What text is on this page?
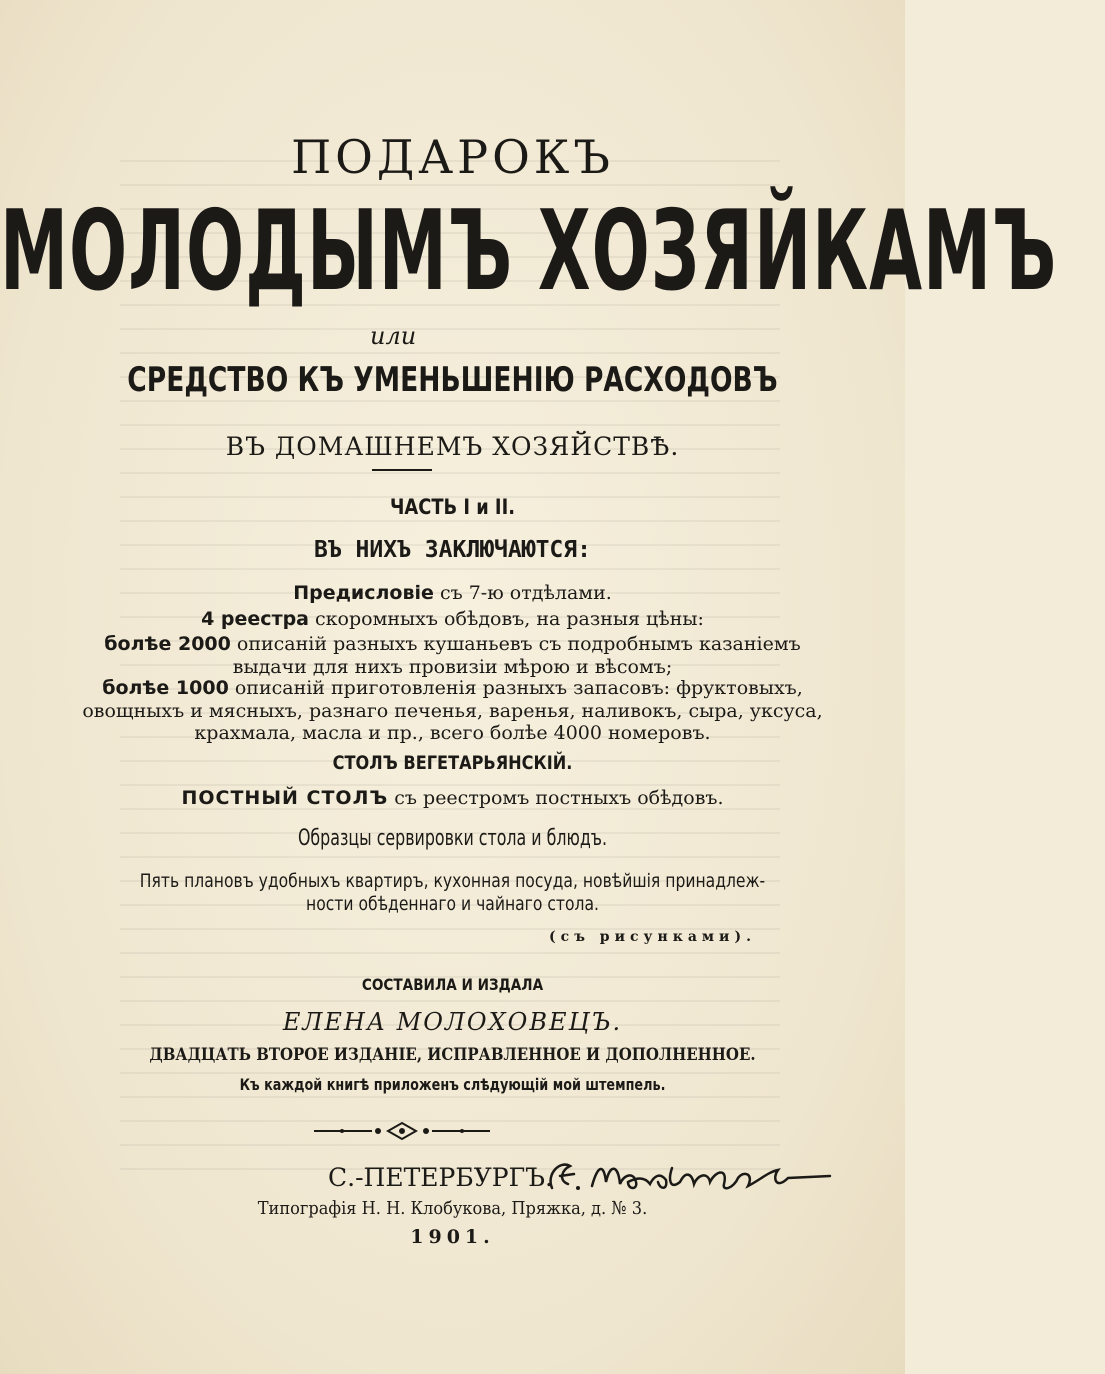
ПОДАРОКЪ
МОЛОДЫМЪ ХОЗЯЙКАМЪ
или
СРЕДСТВО КЪ УМЕНЬШЕНІЮ РАСХОДОВЪ
ВЪ ДОМАШНЕМЪ ХОЗЯЙСТВѢ.
ЧАСТЬ I и II.
ВЪ НИХЪ ЗАКЛЮЧАЮТСЯ:
Предисловіе съ 7-ю отдѣлами.
4 реестра скоромныхъ обѣдовъ, на разныя цѣны:
болѣе 2000 описаній разныхъ кушаньевъ съ подробнымъ казаніемъ
выдачи для нихъ провизіи мѣрою и вѣсомъ;
болѣе 1000 описаній приготовленія разныхъ запасовъ: фруктовыхъ,
овощныхъ и мясныхъ, разнаго печенья, варенья, наливокъ, сыра, уксуса,
крахмала, масла и пр., всего болѣе 4000 номеровъ.
СТОЛЪ ВЕГЕТАРЬЯНСКІЙ.
ПОСТНЫЙ СТОЛЪ съ реестромъ постныхъ обѣдовъ.
Образцы сервировки стола и блюдъ.
Пять плановъ удобныхъ квартиръ, кухонная посуда, новѣйшія принадлеж-
ности обѣденнаго и чайнаго стола.
(съ рисунками).
СОСТАВИЛА И ИЗДАЛА
ЕЛЕНА МОЛОХОВЕЦЪ.
ДВАДЦАТЬ ВТОРОЕ ИЗДАНІЕ, ИСПРАВЛЕННОЕ И ДОПОЛНЕННОЕ.
Къ каждой книгѣ приложенъ слѣдующій мой штемпель.
С.-ПЕТЕРБУРГЪ.
Типографія Н. Н. Клобукова, Пряжка, д. № 3.
1901.
